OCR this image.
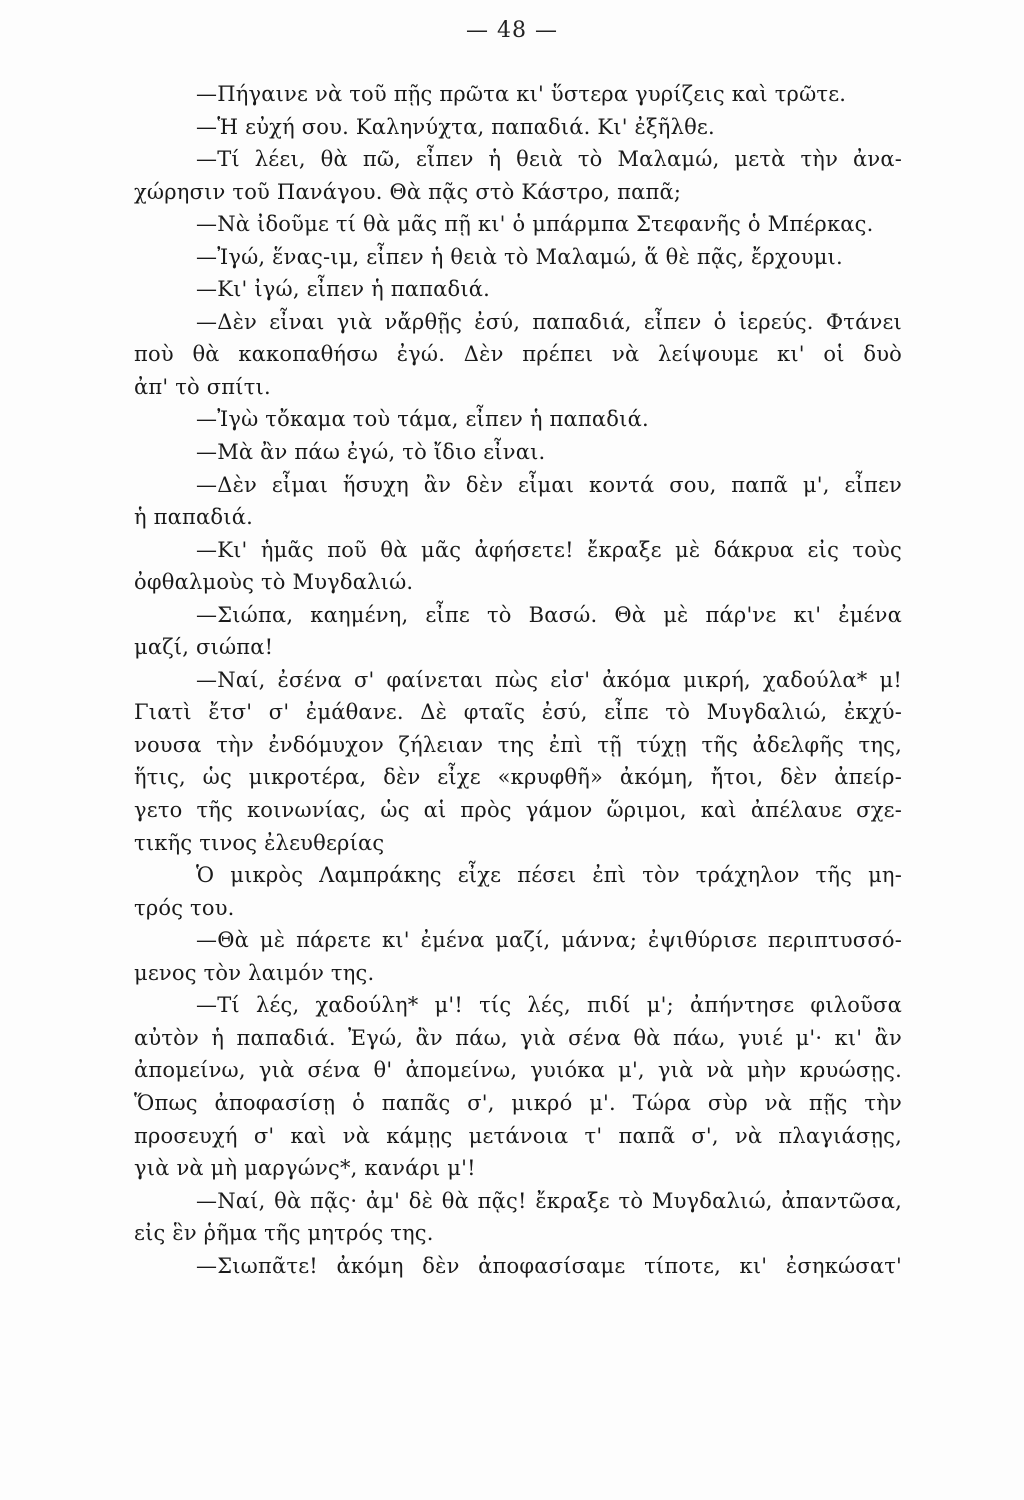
— 48 —
—Πήγαινε νὰ τοῦ πῇς πρῶτα κι' ὕστερα γυρίζεις καὶ τρῶτε.
—Ἡ εὐχή σου. Καληνύχτα, παπαδιά. Κι' ἐξῆλθε.
—Τί λέει, θὰ πῶ, εἶπεν ἡ θειὰ τὸ Μαλαμώ, μετὰ τὴν ἀνα-
χώρησιν τοῦ Πανάγου. Θὰ πᾷς στὸ Κάστρο, παπᾶ;
—Νὰ ἰδοῦμε τί θὰ μᾶς πῇ κι' ὁ μπάρμπα Στεφανῆς ὁ Μπέρκας.
—Ἰγώ, ἕνας-ιμ, εἶπεν ἡ θειὰ τὸ Μαλαμώ, ἅ θὲ πᾷς, ἔρχουμι.
—Κι' ἰγώ, εἶπεν ἡ παπαδιά.
—Δὲν εἶναι γιὰ νἄρθῇς ἐσύ, παπαδιά, εἶπεν ὁ ἱερεύς. Φτάνει
ποὺ θὰ κακοπαθήσω ἐγώ. Δὲν πρέπει νὰ λείψουμε κι' οἱ δυὸ
ἀπ' τὸ σπίτι.
—Ἰγὼ τὄκαμα τοὺ τάμα, εἶπεν ἡ παπαδιά.
—Μὰ ἂν πάω ἐγώ, τὸ ἴδιο εἶναι.
—Δὲν εἶμαι ἥσυχη ἂν δὲν εἶμαι κοντά σου, παπᾶ μ', εἶπεν
ἡ παπαδιά.
—Κι' ἡμᾶς ποῦ θὰ μᾶς ἀφήσετε! ἔκραξε μὲ δάκρυα εἰς τοὺς
ὀφθαλμοὺς τὸ Μυγδαλιώ.
—Σιώπα, καημένη, εἶπε τὸ Βασώ. Θὰ μὲ πάρ'νε κι' ἐμένα
μαζί, σιώπα!
—Ναί, ἐσένα σ' φαίνεται πὼς εἰσ' ἀκόμα μικρή, χαδούλα* μ!
Γιατὶ ἔτσ' σ' ἐμάθανε. Δὲ φταῖς ἐσύ, εἶπε τὸ Μυγδαλιώ, ἐκχύ-
νουσα τὴν ἐνδόμυχον ζήλειαν της ἐπὶ τῇ τύχῃ τῆς ἀδελφῆς της,
ἥτις, ὡς μικροτέρα, δὲν εἶχε «κρυφθῆ» ἀκόμη, ἤτοι, δὲν ἀπείρ-
γετο τῆς κοινωνίας, ὡς αἱ πρὸς γάμον ὥριμοι, καὶ ἀπέλαυε σχε-
τικῆς τινος ἐλευθερίας
Ὁ μικρὸς Λαμπράκης εἶχε πέσει ἐπὶ τὸν τράχηλον τῆς μη-
τρός του.
—Θὰ μὲ πάρετε κι' ἐμένα μαζί, μάννα; ἐψιθύρισε περιπτυσσό-
μενος τὸν λαιμόν της.
—Τί λές, χαδούλη* μ'! τίς λές, πιδί μ'; ἀπήντησε φιλοῦσα
αὐτὸν ἡ παπαδιά. Ἐγώ, ἂν πάω, γιὰ σένα θὰ πάω, γυιέ μ'· κι' ἂν
ἀπομείνω, γιὰ σένα θ' ἀπομείνω, γυιόκα μ', γιὰ νὰ μὴν κρυώσῃς.
Ὅπως ἀποφασίσῃ ὁ παπᾶς σ', μικρό μ'. Τώρα σὺρ νὰ πῇς τὴν
προσευχή σ' καὶ νὰ κάμῃς μετάνοια τ' παπᾶ σ', νὰ πλαγιάσῃς,
γιὰ νὰ μὴ μαργώνς*, κανάρι μ'!
—Ναί, θὰ πᾷς· ἀμ' δὲ θὰ πᾷς! ἔκραξε τὸ Μυγδαλιώ, ἀπαντῶσα,
εἰς ἓν ῥῆμα τῆς μητρός της.
—Σιωπᾶτε! ἀκόμη δὲν ἀποφασίσαμε τίποτε, κι' ἐσηκώσατ'
